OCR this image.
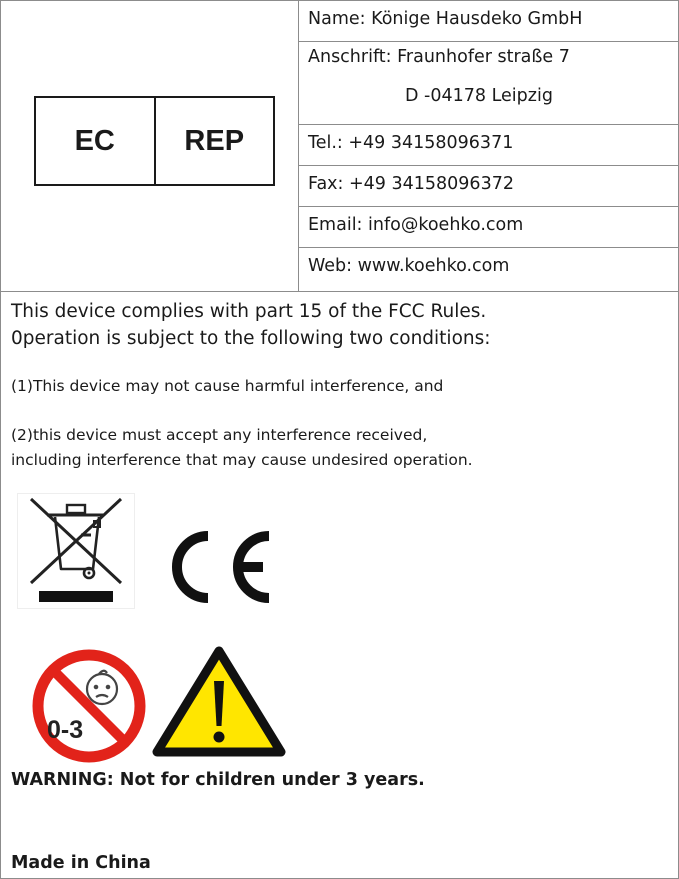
EC	REP
Name: Könige Hausdeko GmbH
Anschrift: Fraunhofer straße 7
D -04178 Leipzig
Tel.: +49 34158096371
Fax: +49 34158096372
Email: info@koehko.com
Web: www.koehko.com
This device complies with part 15 of the FCC Rules.
0peration is subject to the following two conditions:
(1)This device may not cause harmful interference, and
(2)this device must accept any interference received,
including interference that may cause undesired operation.
0-3
WARNING: Not for children under 3 years.
Made in China
